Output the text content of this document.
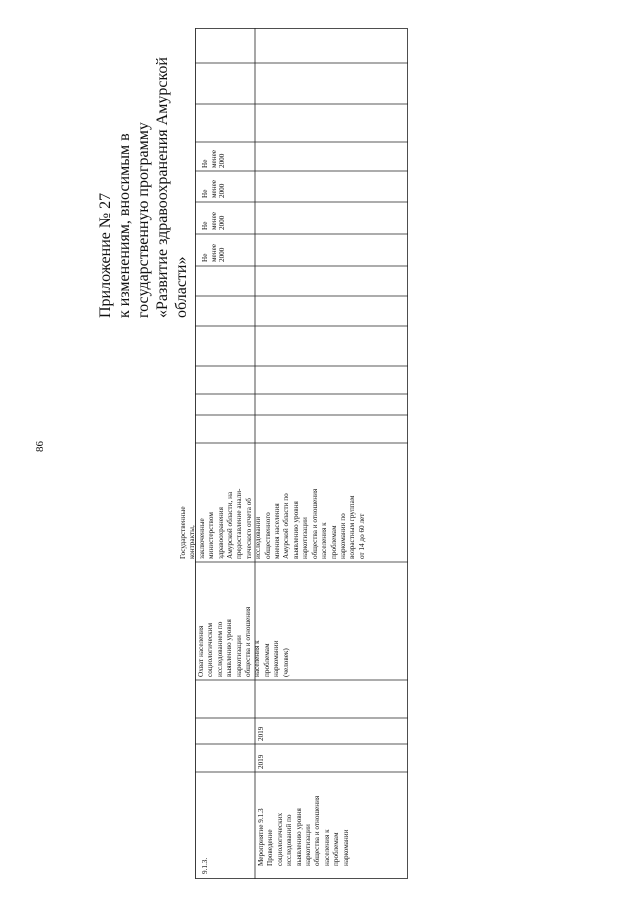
86
Приложение № 27 к изменениям, вносимым в государственную программу «Развитие здравоохранения Амурской области»
9.1.3.	Мероприятие 9.1.3 Проведение социологических исследований по выявлению уровня наркотизации общества и отношения населения к проблемам наркомании
2019
2019
Охват населения социологическим исследованием по выявлению уровня наркотизации общества и отношения населения к проблемам наркомании (человек)
Государственные контракты, заключенные министерством здравоохранения Амурской области, на предоставление анали- тического отчета об исследовании общественного мнения населения Амурской области по выявлению уровня наркотизации общества и отношения населения к проблемам наркомании по возрастным группам от 14 до 60 лет
Не менее 2000
Не менее 2000
Не менее 2000
Не менее 2000
